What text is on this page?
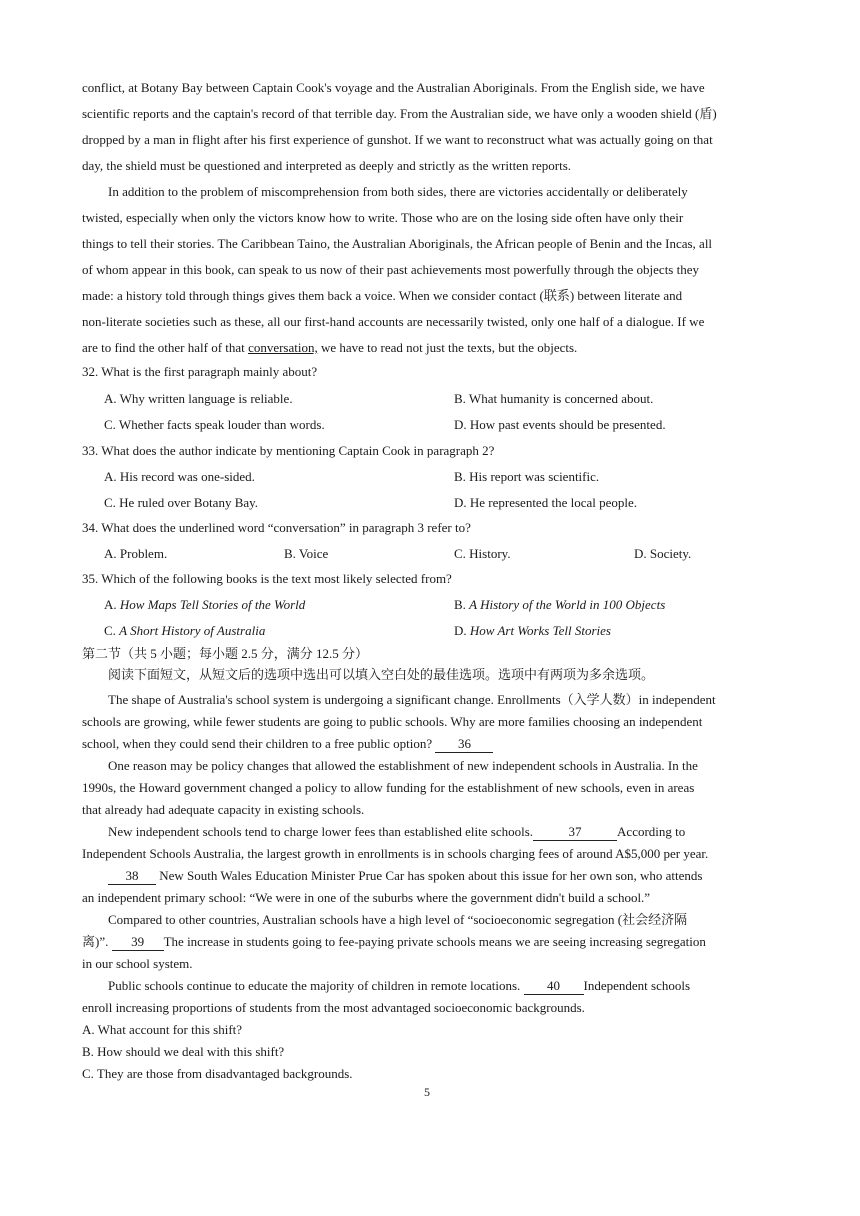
conflict, at Botany Bay between Captain Cook's voyage and the Australian Aboriginals. From the English side, we have
scientific reports and the captain's record of that terrible day. From the Australian side, we have only a wooden shield (盾)
dropped by a man in flight after his first experience of gunshot. If we want to reconstruct what was actually going on that
day, the shield must be questioned and interpreted as deeply and strictly as the written reports.
In addition to the problem of miscomprehension from both sides, there are victories accidentally or deliberately
twisted, especially when only the victors know how to write. Those who are on the losing side often have only their
things to tell their stories. The Caribbean Taino, the Australian Aboriginals, the African people of Benin and the Incas, all
of whom appear in this book, can speak to us now of their past achievements most powerfully through the objects they
made: a history told through things gives them back a voice. When we consider contact (联系) between literate and
non-literate societies such as these, all our first-hand accounts are necessarily twisted, only one half of a dialogue. If we
are to find the other half of that conversation, we have to read not just the texts, but the objects.
32. What is the first paragraph mainly about?
A. Why written language is reliable.	B. What humanity is concerned about.
C. Whether facts speak louder than words.	D. How past events should be presented.
33. What does the author indicate by mentioning Captain Cook in paragraph 2?
A. His record was one-sided.	B. His report was scientific.
C. He ruled over Botany Bay.	D. He represented the local people.
34. What does the underlined word “conversation” in paragraph 3 refer to?
A. Problem.	B. Voice	C. History.	D. Society.
35. Which of the following books is the text most likely selected from?
A. How Maps Tell Stories of the World	B. A History of the World in 100 Objects
C. A Short History of Australia	D. How Art Works Tell Stories
第二节（共 5 小题；每小题 2.5 分，满分 12.5 分）
阅读下面短文，从短文后的选项中选出可以填入空白处的最佳选项。选项中有两项为多余选项。
The shape of Australia's school system is undergoing a significant change. Enrollments（入学人数）in independent
schools are growing, while fewer students are going to public schools. Why are more families choosing an independent
school, when they could send their children to a free public option? 36
One reason may be policy changes that allowed the establishment of new independent schools in Australia. In the
1990s, the Howard government changed a policy to allow funding for the establishment of new schools, even in areas
that already had adequate capacity in existing schools.
New independent schools tend to charge lower fees than established elite schools.	37	According to
Independent Schools Australia, the largest growth in enrollments is in schools charging fees of around A$5,000 per year.
38 New South Wales Education Minister Prue Car has spoken about this issue for her own son, who attends
an independent primary school: “We were in one of the suburbs where the government didn't build a school.”
Compared to other countries, Australian schools have a high level of “socioeconomic segregation (社会经济隔
离)”. 39 The increase in students going to fee-paying private schools means we are seeing increasing segregation
in our school system.
Public schools continue to educate the majority of children in remote locations. 40 Independent schools
enroll increasing proportions of students from the most advantaged socioeconomic backgrounds.
A. What account for this shift?
B. How should we deal with this shift?
C. They are those from disadvantaged backgrounds.
5
